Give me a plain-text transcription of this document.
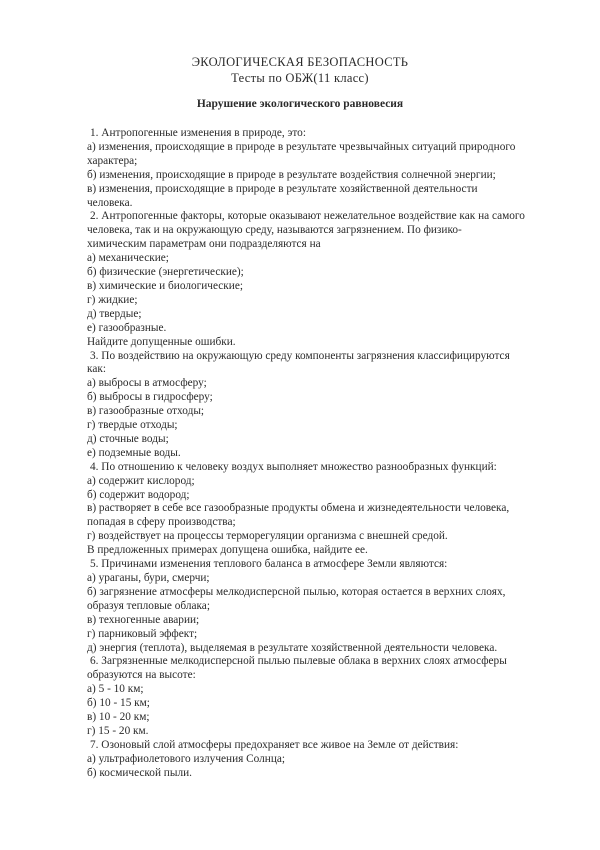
ЭКОЛОГИЧЕСКАЯ БЕЗОПАСНОСТЬ
Тесты по ОБЖ(11 класс)
Нарушение экологического равновесия
1. Антропогенные изменения в природе, это:
а) изменения, происходящие в природе в результате чрезвычайных ситуаций природного
характера;
б) изменения, происходящие в природе в результате воздействия солнечной энергии;
в) изменения, происходящие в природе в результате хозяйственной деятельности
человека.
2. Антропогенные факторы, которые оказывают нежелательное воздействие как на самого
человека, так и на окружающую среду, называются загрязнением. По физико-
химическим параметрам они подразделяются на
а) механические;
б) физические (энергетические);
в) химические и биологические;
г) жидкие;
д) твердые;
е) газообразные.
Найдите допущенные ошибки.
3. По воздействию на окружающую среду компоненты загрязнения классифицируются
как:
а) выбросы в атмосферу;
б) выбросы в гидросферу;
в) газообразные отходы;
г) твердые отходы;
д) сточные воды;
е) подземные воды.
4. По отношению к человеку воздух выполняет множество разнообразных функций:
а) содержит кислород;
б) содержит водород;
в) растворяет в себе все газообразные продукты обмена и жизнедеятельности человека,
попадая в сферу производства;
г) воздействует на процессы терморегуляции организма с внешней средой.
В предложенных примерах допущена ошибка, найдите ее.
5. Причинами изменения теплового баланса в атмосфере Земли являются:
а) ураганы, бури, смерчи;
б) загрязнение атмосферы мелкодисперсной пылью, которая остается в верхних слоях,
образуя тепловые облака;
в) техногенные аварии;
г) парниковый эффект;
д) энергия (теплота), выделяемая в результате хозяйственной деятельности человека.
6. Загрязненные мелкодисперсной пылью пылевые облака в верхних слоях атмосферы
образуются на высоте:
а) 5 - 10 км;
б) 10 - 15 км;
в) 10 - 20 км;
г) 15 - 20 км.
7. Озоновый слой атмосферы предохраняет все живое на Земле от действия:
а) ультрафиолетового излучения Солнца;
б) космической пыли.
